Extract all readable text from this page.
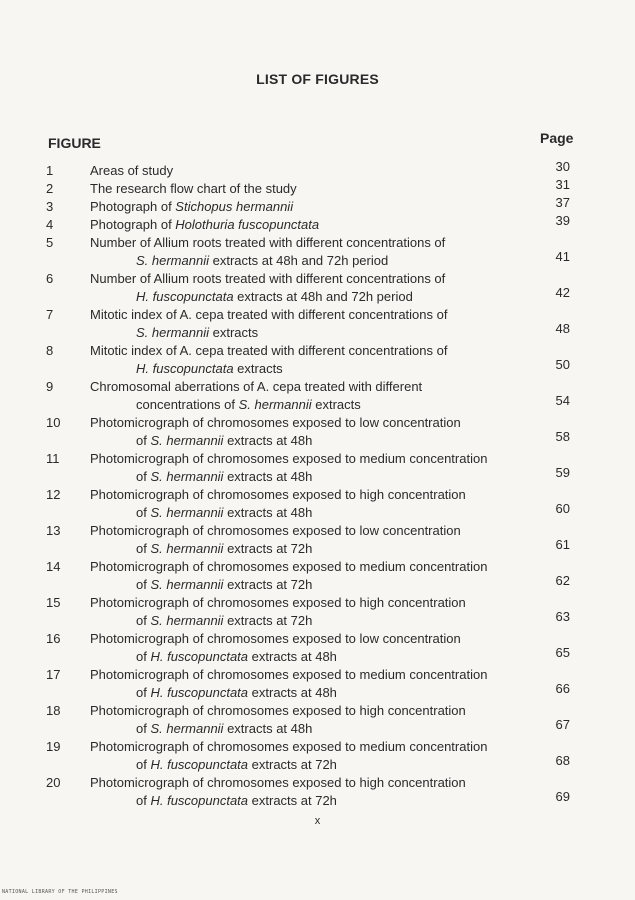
LIST OF FIGURES
FIGURE	Page
1	Areas of study	30
2	The research flow chart of the study	31
3	Photograph of Stichopus hermannii	37
4	Photograph of Holothuria fuscopunctata	39
5	Number of Allium roots treated with different concentrations of
S. hermannii extracts at 48h and 72h period	41
6	Number of Allium roots treated with different concentrations of
H. fuscopunctata extracts at 48h and 72h period	42
7	Mitotic index of A. cepa treated with different concentrations of
S. hermannii extracts	48
8	Mitotic index of A. cepa treated with different concentrations of
H. fuscopunctata extracts	50
9	Chromosomal aberrations of A. cepa treated with different
concentrations of S. hermannii extracts	54
10	Photomicrograph of chromosomes exposed to low concentration
of S. hermannii extracts at 48h	58
11	Photomicrograph of chromosomes exposed to medium concentration
of S. hermannii extracts at 48h	59
12	Photomicrograph of chromosomes exposed to high concentration
of S. hermannii extracts at 48h	60
13	Photomicrograph of chromosomes exposed to low concentration
of S. hermannii extracts at 72h	61
14	Photomicrograph of chromosomes exposed to medium concentration
of S. hermannii extracts at 72h	62
15	Photomicrograph of chromosomes exposed to high concentration
of S. hermannii extracts at 72h	63
16	Photomicrograph of chromosomes exposed to low concentration
of H. fuscopunctata extracts at 48h	65
17	Photomicrograph of chromosomes exposed to medium concentration
of H. fuscopunctata extracts at 48h	66
18	Photomicrograph of chromosomes exposed to high concentration
of S. hermannii extracts at 48h	67
19	Photomicrograph of chromosomes exposed to medium concentration
of H. fuscopunctata extracts at 72h	68
20	Photomicrograph of chromosomes exposed to high concentration
of H. fuscopunctata extracts at 72h	69
x
NATIONAL LIBRARY OF THE PHILIPPINES
